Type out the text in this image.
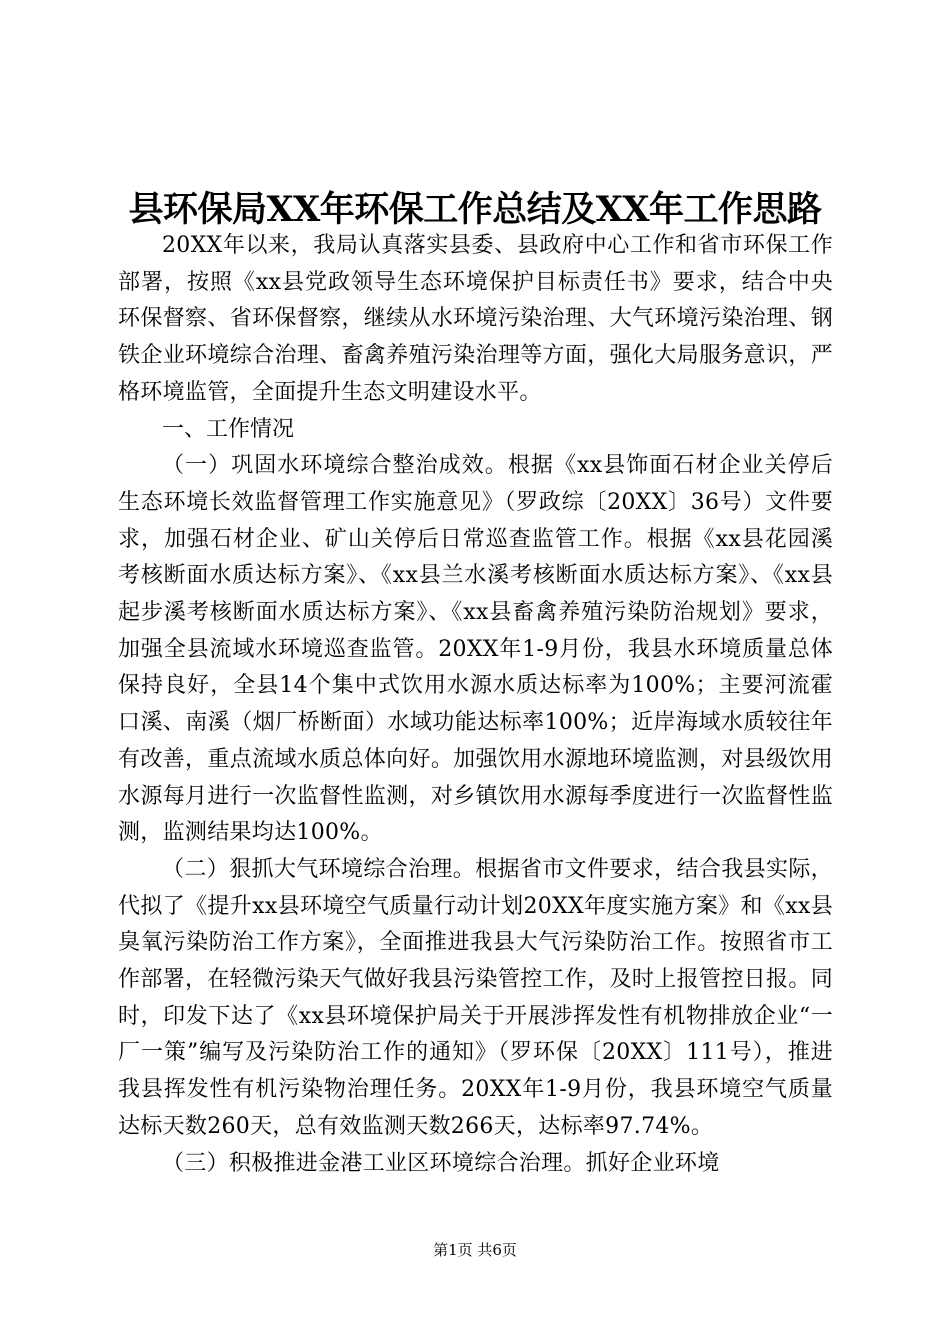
县环保局XX年环保工作总结及XX年工作思路

20XX年以来，我局认真落实县委、县政府中心工作和省市环保工作部署，按照《xx县党政领导生态环境保护目标责任书》要求，结合中央环保督察、省环保督察，继续从水环境污染治理、大气环境污染治理、钢铁企业环境综合治理、畜禽养殖污染治理等方面，强化大局服务意识，严格环境监管，全面提升生态文明建设水平。

一、工作情况

（一）巩固水环境综合整治成效。根据《xx县饰面石材企业关停后生态环境长效监督管理工作实施意见》（罗政综〔20XX〕36号）文件要求，加强石材企业、矿山关停后日常巡查监管工作。根据《xx县花园溪考核断面水质达标方案》、《xx县兰水溪考核断面水质达标方案》、《xx县起步溪考核断面水质达标方案》、《xx县畜禽养殖污染防治规划》要求，加强全县流域水环境巡查监管。20XX年1-9月份，我县水环境质量总体保持良好，全县14个集中式饮用水源水质达标率为100%；主要河流霍口溪、南溪（烟厂桥断面）水域功能达标率100%；近岸海域水质较往年有改善，重点流域水质总体向好。加强饮用水源地环境监测，对县级饮用水源每月进行一次监督性监测，对乡镇饮用水源每季度进行一次监督性监测，监测结果均达100%。

（二）狠抓大气环境综合治理。根据省市文件要求，结合我县实际，代拟了《提升xx县环境空气质量行动计划20XX年度实施方案》和《xx县臭氧污染防治工作方案》，全面推进我县大气污染防治工作。按照省市工作部署，在轻微污染天气做好我县污染管控工作，及时上报管控日报。同时，印发下达了《xx县环境保护局关于开展涉挥发性有机物排放企业“一厂一策”编写及污染防治工作的通知》（罗环保〔20XX〕111号），推进我县挥发性有机污染物治理任务。20XX年1-9月份，我县环境空气质量达标天数260天，总有效监测天数266天，达标率97.74%。

（三）积极推进金港工业区环境综合治理。抓好企业环境

第1页 共6页
